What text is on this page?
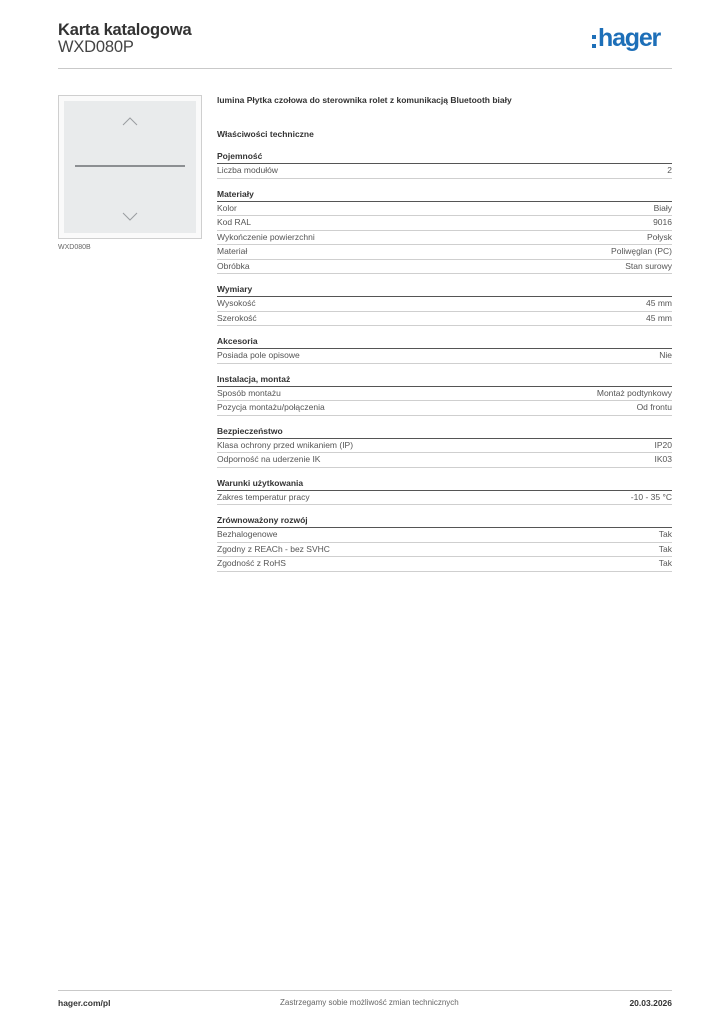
Karta katalogowa
WXD080P	hager
WXD080B
lumina Płytka czołowa do sterownika rolet z komunikacją Bluetooth biały
Właściwości techniczne
Pojemność
Liczba modułów	2
Materiały
Kolor	Biały
Kod RAL	9016
Wykończenie powierzchni	Połysk
Materiał	Poliwęglan (PC)
Obróbka	Stan surowy
Wymiary
Wysokość	45 mm
Szerokość	45 mm
Akcesoria
Posiada pole opisowe	Nie
Instalacja, montaż
Sposób montażu	Montaż podtynkowy
Pozycja montażu/połączenia	Od frontu
Bezpieczeństwo
Klasa ochrony przed wnikaniem (IP)	IP20
Odporność na uderzenie IK	IK03
Warunki użytkowania
Zakres temperatur pracy	-10 - 35 °C
Zrównoważony rozwój
Bezhalogenowe	Tak
Zgodny z REACh - bez SVHC	Tak
Zgodność z RoHS	Tak
hager.com/pl	Zastrzegamy sobie możliwość zmian technicznych	20.03.2026
